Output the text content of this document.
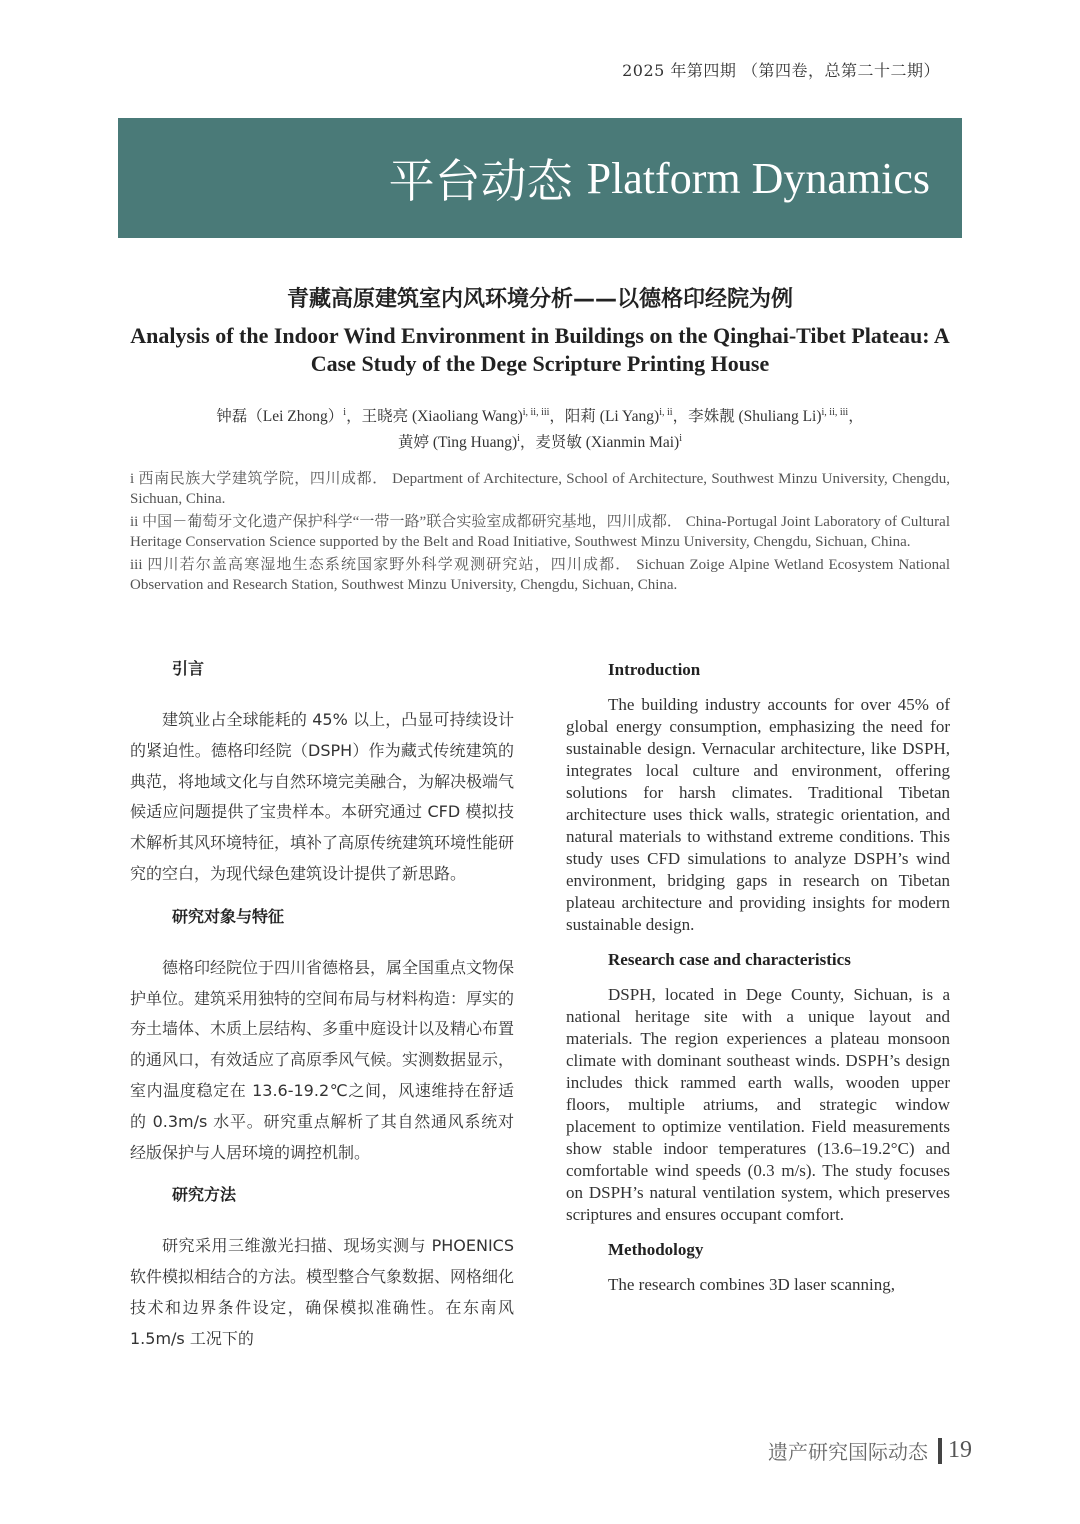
2025 年第四期 （第四卷，总第二十二期）
平台动态 Platform Dynamics
青藏高原建筑室内风环境分析——以德格印经院为例
Analysis of the Indoor Wind Environment in Buildings on the Qinghai-Tibet Plateau: A Case Study of the Dege Scripture Printing House
钟磊（Lei Zhong）$^i$，王晓亮 (Xiaoliang Wang)$^{i, ii, iii}$，阳莉 (Li Yang)$^{i, ii}$，李姝靓 (Shuliang Li)$^{i, ii, iii}$，
黄婷 (Ting Huang)$^i$，麦贤敏 (Xianmin Mai)$^i$
i 西南民族大学建筑学院，四川成都． Department of Architecture, School of Architecture, Southwest Minzu University, Chengdu, Sichuan, China.
ii 中国－葡萄牙文化遗产保护科学“一带一路”联合实验室成都研究基地，四川成都． China-Portugal Joint Laboratory of Cultural Heritage Conservation Science supported by the Belt and Road Initiative, Southwest Minzu University, Chengdu, Sichuan, China.
iii 四川若尔盖高寒湿地生态系统国家野外科学观测研究站，四川成都． Sichuan Zoige Alpine Wetland Ecosystem National Observation and Research Station, Southwest Minzu University, Chengdu, Sichuan, China.
引言

建筑业占全球能耗的 45% 以上，凸显可持续设计的紧迫性。德格印经院（DSPH）作为藏式传统建筑的典范，将地域文化与自然环境完美融合，为解决极端气候适应问题提供了宝贵样本。本研究通过 CFD 模拟技术解析其风环境特征，填补了高原传统建筑环境性能研究的空白，为现代绿色建筑设计提供了新思路。

研究对象与特征

德格印经院位于四川省德格县，属全国重点文物保护单位。建筑采用独特的空间布局与材料构造：厚实的夯土墙体、木质上层结构、多重中庭设计以及精心布置的通风口，有效适应了高原季风气候。实测数据显示，室内温度稳定在 13.6-19.2℃之间，风速维持在舒适的 0.3m/s 水平。研究重点解析了其自然通风系统对经版保护与人居环境的调控机制。

研究方法

研究采用三维激光扫描、现场实测与 PHOENICS 软件模拟相结合的方法。模型整合气象数据、网格细化技术和边界条件设定，确保模拟准确性。在东南风 1.5m/s 工况下的

Introduction

The building industry accounts for over 45% of global energy consumption, emphasizing the need for sustainable design. Vernacular architecture, like DSPH, integrates local culture and environment, offering solutions for harsh climates. Traditional Tibetan architecture uses thick walls, strategic orientation, and natural materials to withstand extreme conditions. This study uses CFD simulations to analyze DSPH’s wind environment, bridging gaps in research on Tibetan plateau architecture and providing insights for modern sustainable design.

Research case and characteristics

DSPH, located in Dege County, Sichuan, is a national heritage site with a unique layout and materials. The region experiences a plateau monsoon climate with dominant southeast winds. DSPH’s design includes thick rammed earth walls, wooden upper floors, multiple atriums, and strategic window placement to optimize ventilation. Field measurements show stable indoor temperatures (13.6–19.2°C) and comfortable wind speeds (0.3 m/s). The study focuses on DSPH’s natural ventilation system, which preserves scriptures and ensures occupant comfort.

Methodology

The research combines 3D laser scanning,

遗产研究国际动态 19
